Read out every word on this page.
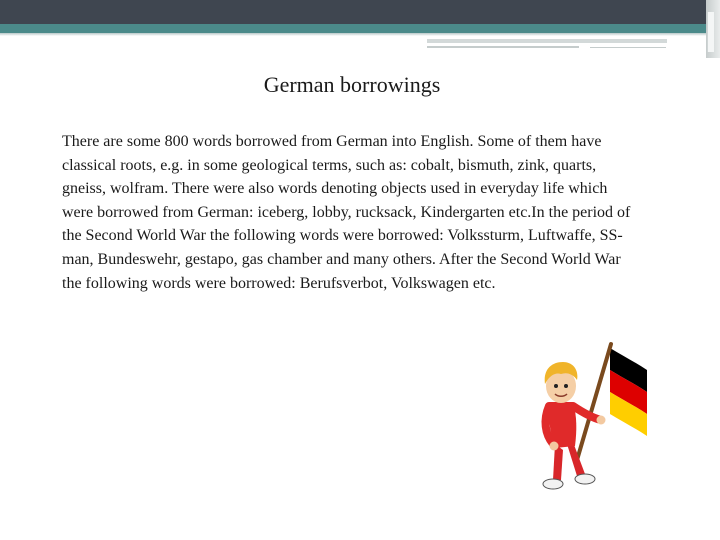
German borrowings

There are some 800 words borrowed from German into English. Some of them have classical roots, e.g. in some geological terms, such as: cobalt, bismuth, zink, quarts, gneiss, wolfram. There were also words denoting objects used in everyday life which were borrowed from German: iceberg, lobby, rucksack, Kindergarten etc.In the period of the Second World War the following words were borrowed: Volkssturm, Luftwaffe, SS-man, Bundeswehr, gestapo, gas chamber and many others. After the Second World War the following words were borrowed: Berufsverbot, Volkswagen etc.
